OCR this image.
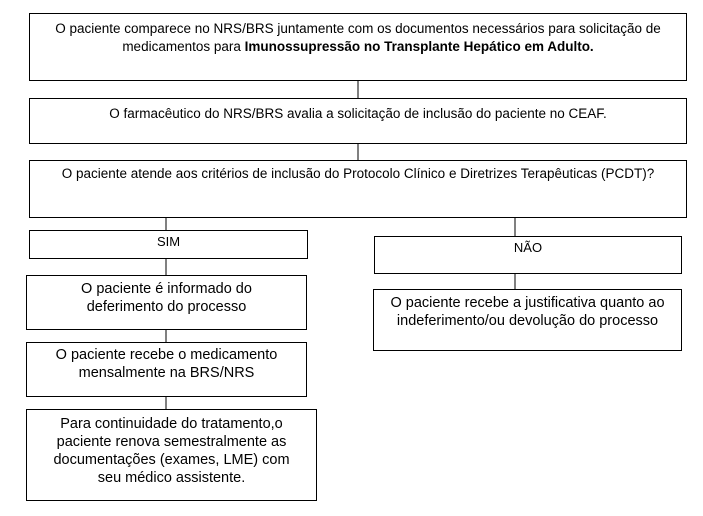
O paciente comparece no NRS/BRS juntamente com os documentos necessários para solicitação de medicamentos para Imunossupressão no Transplante Hepático em Adulto.
O farmacêutico do NRS/BRS avalia a solicitação de inclusão do paciente no CEAF.
O paciente atende aos critérios de inclusão do Protocolo Clínico e Diretrizes Terapêuticas (PCDT)?
SIM	NÃO
O paciente é informado do deferimento do processo
O paciente recebe o medicamento mensalmente na BRS/NRS
Para continuidade do tratamento,o paciente renova semestralmente as documentações (exames, LME) com seu médico assistente.
O paciente recebe a justificativa quanto ao indeferimento/ou devolução do processo
